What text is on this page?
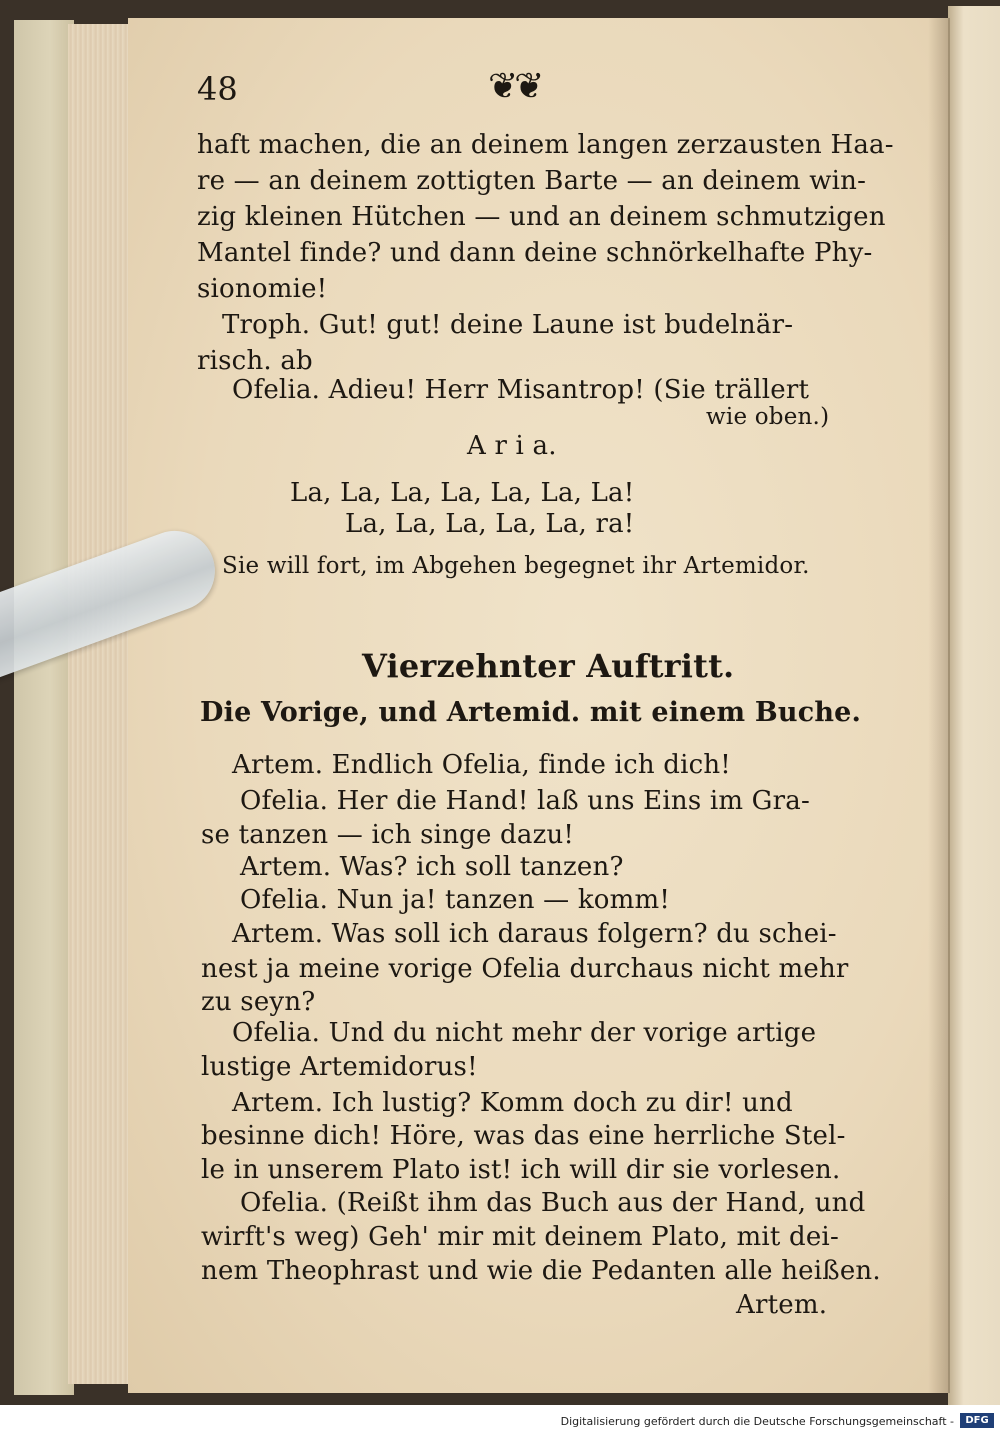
48	❦❦
haft machen, die an deinem langen zerzausten Haa-
re — an deinem zottigten Barte — an deinem win-
zig kleinen Hütchen — und an deinem schmutzigen
Mantel finde? und dann deine schnörkelhafte Phy-
sionomie!
Troph. Gut! gut! deine Laune ist budelnär-
risch. ab
Ofelia. Adieu! Herr Misantrop! (Sie trällert
wie oben.)
A r i a.
La, La, La, La, La, La, La!
La, La, La, La, La, ra!
Sie will fort, im Abgehen begegnet ihr Artemidor.
Vierzehnter Auftritt.
Die Vorige, und Artemid. mit einem Buche.
Artem. Endlich Ofelia, finde ich dich!
Ofelia. Her die Hand! laß uns Eins im Gra-
se tanzen — ich singe dazu!
Artem. Was? ich soll tanzen?
Ofelia. Nun ja! tanzen — komm!
Artem. Was soll ich daraus folgern? du schei-
nest ja meine vorige Ofelia durchaus nicht mehr
zu seyn?
Ofelia. Und du nicht mehr der vorige artige
lustige Artemidorus!
Artem. Ich lustig? Komm doch zu dir! und
besinne dich! Höre, was das eine herrliche Stel-
le in unserem Plato ist! ich will dir sie vorlesen.
Ofelia. (Reißt ihm das Buch aus der Hand, und
wirft's weg) Geh' mir mit deinem Plato, mit dei-
nem Theophrast und wie die Pedanten alle heißen.
Artem.
Digitalisierung gefördert durch die Deutsche Forschungsgemeinschaft -	DFG
